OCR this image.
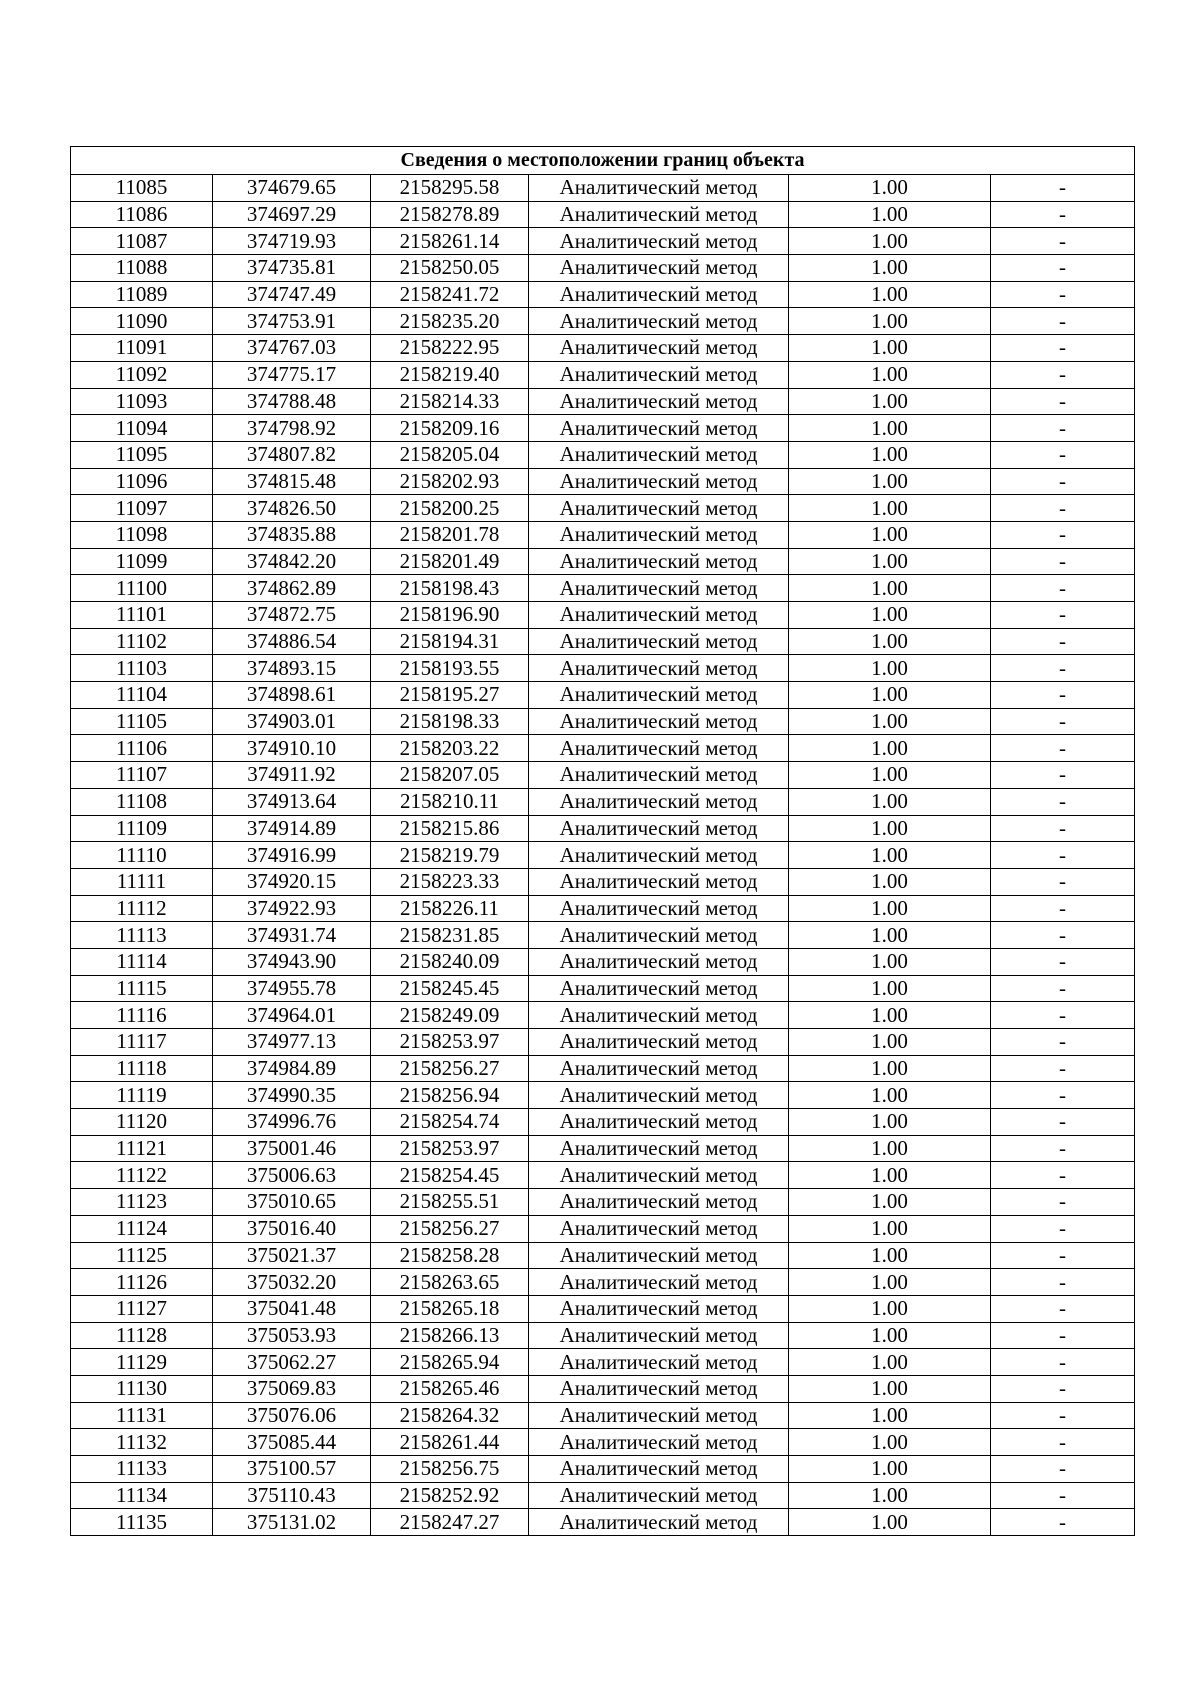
Сведения о местоположении границ объекта					
11085	374679.65	2158295.58	Аналитический метод	1.00	-
11086	374697.29	2158278.89	Аналитический метод	1.00	-
11087	374719.93	2158261.14	Аналитический метод	1.00	-
11088	374735.81	2158250.05	Аналитический метод	1.00	-
11089	374747.49	2158241.72	Аналитический метод	1.00	-
11090	374753.91	2158235.20	Аналитический метод	1.00	-
11091	374767.03	2158222.95	Аналитический метод	1.00	-
11092	374775.17	2158219.40	Аналитический метод	1.00	-
11093	374788.48	2158214.33	Аналитический метод	1.00	-
11094	374798.92	2158209.16	Аналитический метод	1.00	-
11095	374807.82	2158205.04	Аналитический метод	1.00	-
11096	374815.48	2158202.93	Аналитический метод	1.00	-
11097	374826.50	2158200.25	Аналитический метод	1.00	-
11098	374835.88	2158201.78	Аналитический метод	1.00	-
11099	374842.20	2158201.49	Аналитический метод	1.00	-
11100	374862.89	2158198.43	Аналитический метод	1.00	-
11101	374872.75	2158196.90	Аналитический метод	1.00	-
11102	374886.54	2158194.31	Аналитический метод	1.00	-
11103	374893.15	2158193.55	Аналитический метод	1.00	-
11104	374898.61	2158195.27	Аналитический метод	1.00	-
11105	374903.01	2158198.33	Аналитический метод	1.00	-
11106	374910.10	2158203.22	Аналитический метод	1.00	-
11107	374911.92	2158207.05	Аналитический метод	1.00	-
11108	374913.64	2158210.11	Аналитический метод	1.00	-
11109	374914.89	2158215.86	Аналитический метод	1.00	-
11110	374916.99	2158219.79	Аналитический метод	1.00	-
11111	374920.15	2158223.33	Аналитический метод	1.00	-
11112	374922.93	2158226.11	Аналитический метод	1.00	-
11113	374931.74	2158231.85	Аналитический метод	1.00	-
11114	374943.90	2158240.09	Аналитический метод	1.00	-
11115	374955.78	2158245.45	Аналитический метод	1.00	-
11116	374964.01	2158249.09	Аналитический метод	1.00	-
11117	374977.13	2158253.97	Аналитический метод	1.00	-
11118	374984.89	2158256.27	Аналитический метод	1.00	-
11119	374990.35	2158256.94	Аналитический метод	1.00	-
11120	374996.76	2158254.74	Аналитический метод	1.00	-
11121	375001.46	2158253.97	Аналитический метод	1.00	-
11122	375006.63	2158254.45	Аналитический метод	1.00	-
11123	375010.65	2158255.51	Аналитический метод	1.00	-
11124	375016.40	2158256.27	Аналитический метод	1.00	-
11125	375021.37	2158258.28	Аналитический метод	1.00	-
11126	375032.20	2158263.65	Аналитический метод	1.00	-
11127	375041.48	2158265.18	Аналитический метод	1.00	-
11128	375053.93	2158266.13	Аналитический метод	1.00	-
11129	375062.27	2158265.94	Аналитический метод	1.00	-
11130	375069.83	2158265.46	Аналитический метод	1.00	-
11131	375076.06	2158264.32	Аналитический метод	1.00	-
11132	375085.44	2158261.44	Аналитический метод	1.00	-
11133	375100.57	2158256.75	Аналитический метод	1.00	-
11134	375110.43	2158252.92	Аналитический метод	1.00	-
11135	375131.02	2158247.27	Аналитический метод	1.00	-
